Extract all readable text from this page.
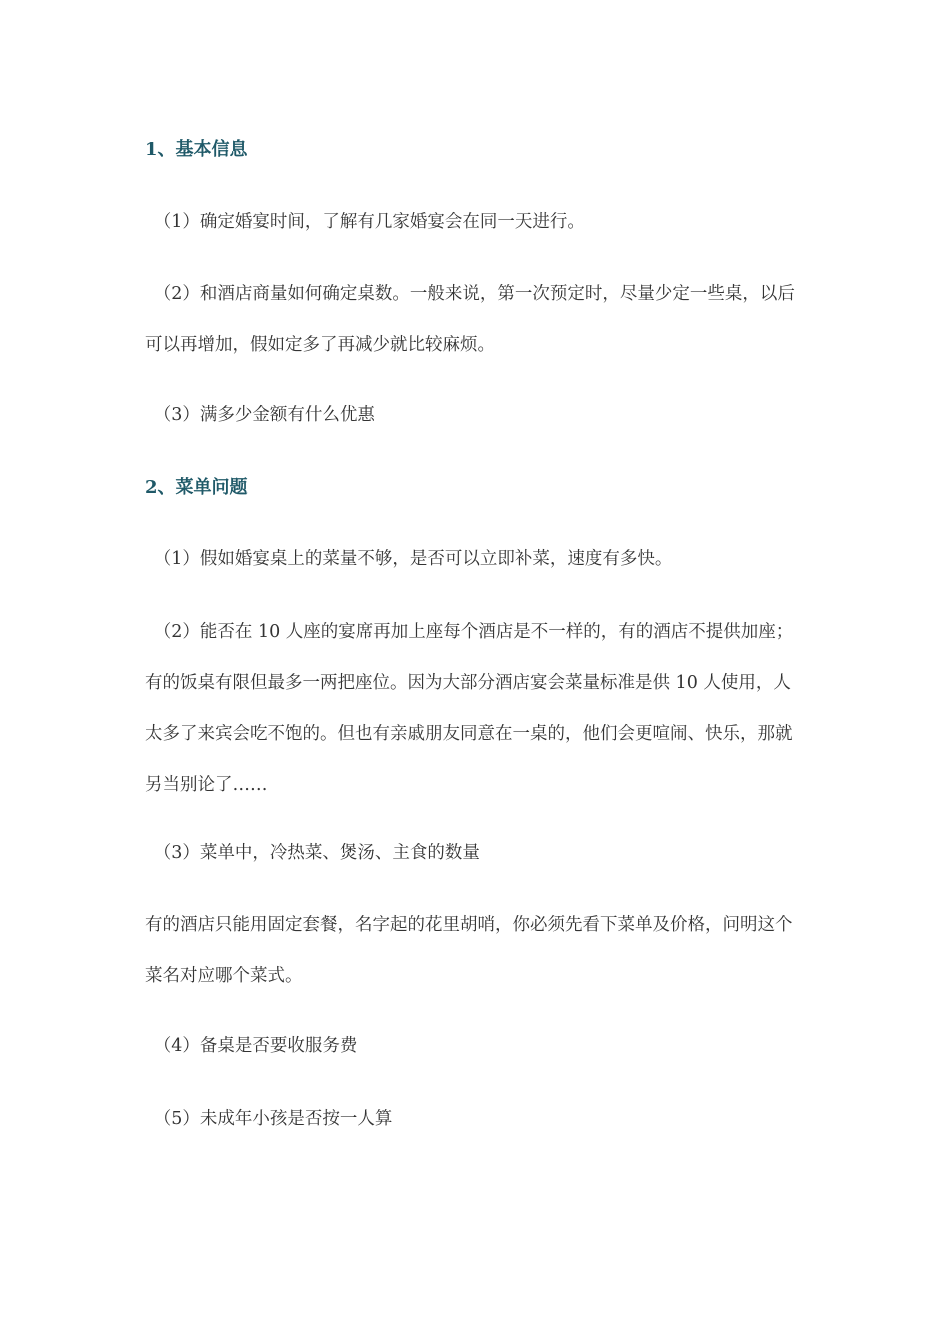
1、基本信息

（1）确定婚宴时间，了解有几家婚宴会在同一天进行。

（2）和酒店商量如何确定桌数。一般来说，第一次预定时，尽量少定一些桌，以后可以再增加，假如定多了再减少就比较麻烦。

（3）满多少金额有什么优惠

2、菜单问题

（1）假如婚宴桌上的菜量不够，是否可以立即补菜，速度有多快。

（2）能否在 10 人座的宴席再加上座每个酒店是不一样的，有的酒店不提供加座；有的饭桌有限但最多一两把座位。因为大部分酒店宴会菜量标准是供 10 人使用，人太多了来宾会吃不饱的。但也有亲戚朋友同意在一桌的，他们会更喧闹、快乐，那就另当别论了……

（3）菜单中，冷热菜、煲汤、主食的数量

有的酒店只能用固定套餐，名字起的花里胡哨，你必须先看下菜单及价格，问明这个菜名对应哪个菜式。

（4）备桌是否要收服务费

（5）未成年小孩是否按一人算
